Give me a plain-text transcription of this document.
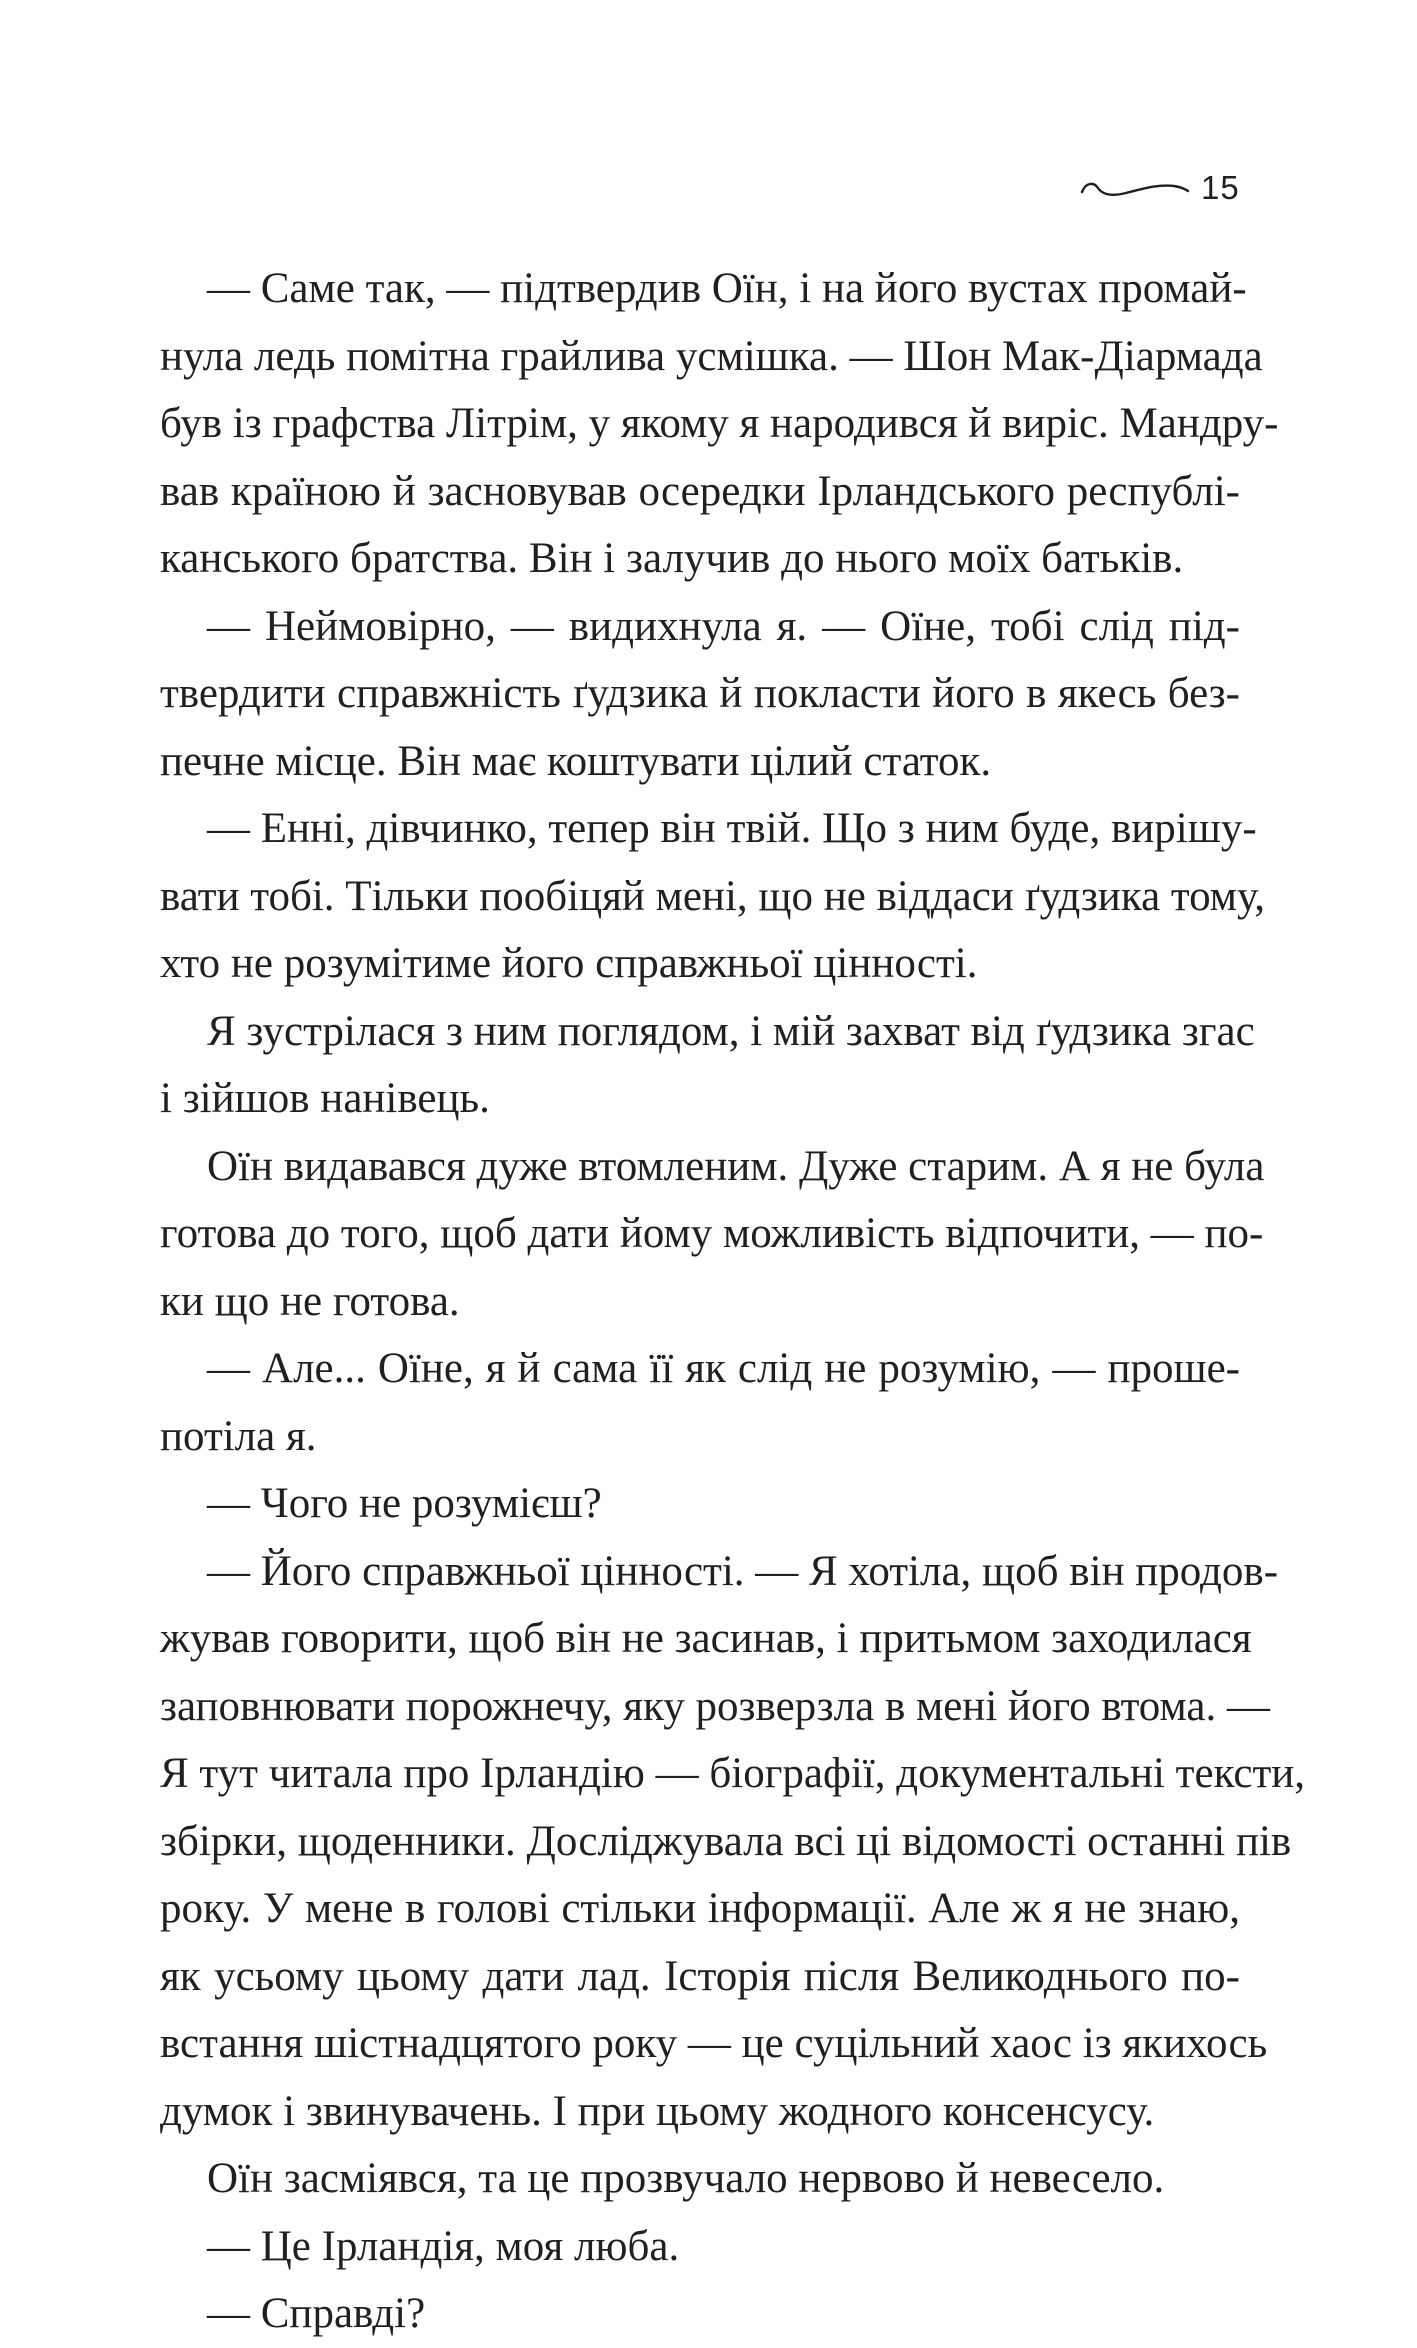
15
— Саме так, — підтвердив Оїн, і на його вустах промай-
нула ледь помітна грайлива усмішка. — Шон Мак-Діармада
був із графства Літрім, у якому я народився й виріс. Мандру-
вав країною й засновував осередки Ірландського республі-
канського братства. Він і залучив до нього моїх батьків.
— Неймовірно, — видихнула я. — Оїне, тобі слід під-
твердити справжність ґудзика й покласти його в якесь без-
печне місце. Він має коштувати цілий статок.
— Енні, дівчинко, тепер він твій. Що з ним буде, вирішу-
вати тобі. Тільки пообіцяй мені, що не віддаси ґудзика тому,
хто не розумітиме його справжньої цінності.
Я зустрілася з ним поглядом, і мій захват від ґудзика згас
і зійшов нанівець.
Оїн видавався дуже втомленим. Дуже старим. А я не була
готова до того, щоб дати йому можливість відпочити, — по-
ки що не готова.
— Але... Оїне, я й сама її як слід не розумію, — проше-
потіла я.
— Чого не розумієш?
— Його справжньої цінності. — Я хотіла, щоб він продов-
жував говорити, щоб він не засинав, і притьмом заходилася
заповнювати порожнечу, яку розверзла в мені його втома. —
Я тут читала про Ірландію — біографії, документальні тексти,
збірки, щоденники. Досліджувала всі ці відомості останні пів
року. У мене в голові стільки інформації. Але ж я не знаю,
як усьому цьому дати лад. Історія після Великоднього по-
встання шістнадцятого року — це суцільний хаос із якихось
думок і звинувачень. І при цьому жодного консенсусу.
Оїн засміявся, та це прозвучало нервово й невесело.
— Це Ірландія, моя люба.
— Справді?
